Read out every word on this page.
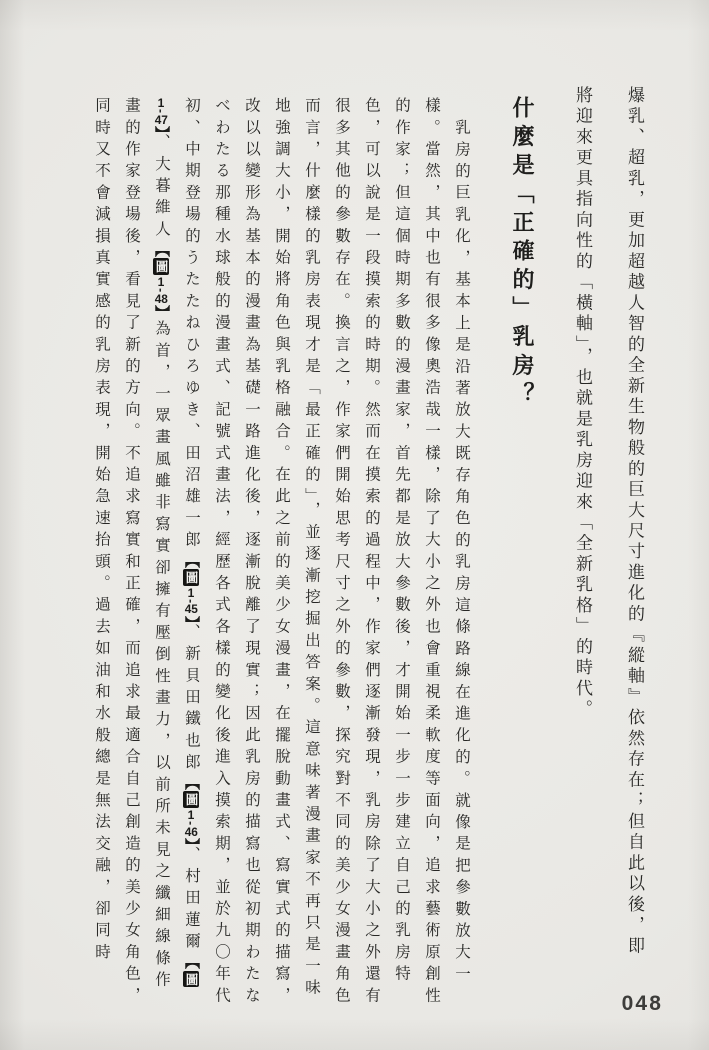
爆乳、超乳，更加超越人智的全新生物般的巨大尺寸進化的『縱軸』依然存在；但自此以後，即將迎來更具指向性的「橫軸」，也就是乳房迎來「全新乳格」的時代。

什麼是「正確的」乳房？

乳房的巨乳化，基本上是沿著放大既存角色的乳房這條路線在進化的。就像是把參數放大一樣。當然，其中也有很多像奧浩哉一樣，除了大小之外也會重視柔軟度等面向，追求藝術原創性的作家；但這個時期多數的漫畫家，首先都是放大參數後，才開始一步一步建立自己的乳房特色，可以說是一段摸索的時期。然而在摸索的過程中，作家們逐漸發現，乳房除了大小之外還有很多其他的參數存在。換言之，作家們開始思考尺寸之外的參數，探究對不同的美少女漫畫角色而言，什麼樣的乳房表現才是「最正確的」，並逐漸挖掘出答案。這意味著漫畫家不再只是一味地強調大小，開始將角色與乳格融合。在此之前的美少女漫畫，在擺脫動畫式、寫實式的描寫，改以以變形為基本的漫畫為基礎一路進化後，逐漸脫離了現實；因此乳房的描寫也從初期わたなべわたる那種水球般的漫畫式、記號式畫法，經歷各式各樣的變化後進入摸索期，並於九〇年代初、中期登場的うたたねひろゆき、田沼雄一郎【圖1-45】、新貝田鐵也郎【圖1-46】、村田蓮爾【圖1-47】、大暮維人【圖1-48】為首，一眾畫風雖非寫實卻擁有壓倒性畫力，以前所未見之纖細線條作畫的作家登場後，看見了新的方向。不追求寫實和正確，而追求最適合自己創造的美少女角色，同時又不會減損真實感的乳房表現，開始急速抬頭。過去如油和水般總是無法交融，卻同時

048
